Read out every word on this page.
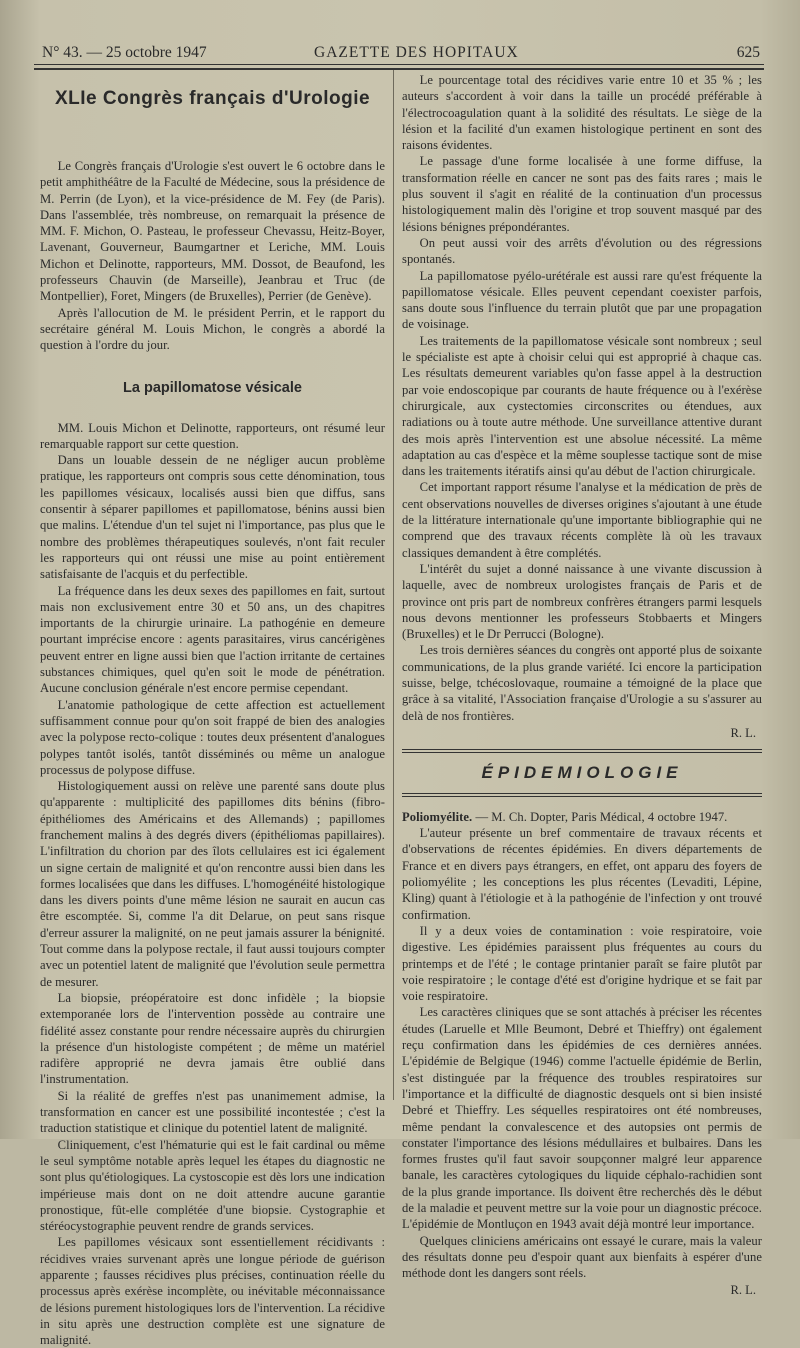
N° 43. — 25 octobre 1947	GAZETTE DES HOPITAUX	625
XLIe Congrès français d'Urologie

Le Congrès français d'Urologie s'est ouvert le 6 octobre dans le petit amphithéâtre de la Faculté de Médecine, sous la présidence de M. Perrin (de Lyon), et la vice-présidence de M. Fey (de Paris). Dans l'assemblée, très nombreuse, on remarquait la présence de MM. F. Michon, O. Pasteau, le professeur Chevassu, Heitz-Boyer, Lavenant, Gouverneur, Baumgartner et Leriche, MM. Louis Michon et Delinotte, rapporteurs, MM. Dossot, de Beaufond, les professeurs Chauvin (de Marseille), Jeanbrau et Truc (de Montpellier), Foret, Mingers (de Bruxelles), Perrier (de Genève).

Après l'allocution de M. le président Perrin, et le rapport du secrétaire général M. Louis Michon, le congrès a abordé la question à l'ordre du jour.

La papillomatose vésicale

MM. Louis Michon et Delinotte, rapporteurs, ont résumé leur remarquable rapport sur cette question.

Dans un louable dessein de ne négliger aucun problème pratique, les rapporteurs ont compris sous cette dénomination, tous les papillomes vésicaux, localisés aussi bien que diffus, sans consentir à séparer papillomes et papillomatose, bénins aussi bien que malins. L'étendue d'un tel sujet ni l'importance, pas plus que le nombre des problèmes thérapeutiques soulevés, n'ont fait reculer les rapporteurs qui ont réussi une mise au point entièrement satisfaisante de l'acquis et du perfectible.

La fréquence dans les deux sexes des papillomes en fait, surtout mais non exclusivement entre 30 et 50 ans, un des chapitres importants de la chirurgie urinaire. La pathogénie en demeure pourtant imprécise encore : agents parasitaires, virus cancérigènes peuvent entrer en ligne aussi bien que l'action irritante de certaines substances chimiques, quel qu'en soit le mode de pénétration. Aucune conclusion générale n'est encore permise cependant.

L'anatomie pathologique de cette affection est actuellement suffisamment connue pour qu'on soit frappé de bien des analogies avec la polypose recto-colique : toutes deux présentent d'analogues polypes tantôt isolés, tantôt disséminés ou même un analogue processus de polypose diffuse.

Histologiquement aussi on relève une parenté sans doute plus qu'apparente : multiplicité des papillomes dits bénins (fibro-épithéliomes des Américains et des Allemands) ; papillomes franchement malins à des degrés divers (épithéliomas papillaires). L'infiltration du chorion par des îlots cellulaires est ici également un signe certain de malignité et qu'on rencontre aussi bien dans les formes localisées que dans les diffuses. L'homogénéité histologique dans les divers points d'une même lésion ne saurait en aucun cas être escomptée. Si, comme l'a dit Delarue, on peut sans risque d'erreur assurer la malignité, on ne peut jamais assurer la bénignité. Tout comme dans la polypose rectale, il faut aussi toujours compter avec un potentiel latent de malignité que l'évolution seule permettra de mesurer.

La biopsie, préopératoire est donc infidèle ; la biopsie extemporanée lors de l'intervention possède au contraire une fidélité assez constante pour rendre nécessaire auprès du chirurgien la présence d'un histologiste compétent ; de même un matériel radifère approprié ne devra jamais être oublié dans l'instrumentation.

Si la réalité de greffes n'est pas unanimement admise, la transformation en cancer est une possibilité incontestée ; c'est la traduction statistique et clinique du potentiel latent de malignité.

Cliniquement, c'est l'hématurie qui est le fait cardinal ou même le seul symptôme notable après lequel les étapes du diagnostic ne sont plus qu'étiologiques. La cystoscopie est dès lors une indication impérieuse mais dont on ne doit attendre aucune garantie pronostique, fût-elle complétée d'une biopsie. Cystographie et stéréocystographie peuvent rendre de grands services.

Les papillomes vésicaux sont essentiellement récidivants : récidives vraies survenant après une longue période de guérison apparente ; fausses récidives plus précises, continuation réelle du processus après exérèse incomplète, ou inévitable méconnaissance de lésions purement histologiques lors de l'intervention. La récidive in situ après une destruction complète est une signature de malignité.

Le pourcentage total des récidives varie entre 10 et 35 % ; les auteurs s'accordent à voir dans la taille un procédé préférable à l'électrocoagulation quant à la solidité des résultats. Le siège de la lésion et la facilité d'un examen histologique pertinent en sont des raisons évidentes.

Le passage d'une forme localisée à une forme diffuse, la transformation réelle en cancer ne sont pas des faits rares ; mais le plus souvent il s'agit en réalité de la continuation d'un processus histologiquement malin dès l'origine et trop souvent masqué par des lésions bénignes prépondérantes.

On peut aussi voir des arrêts d'évolution ou des régressions spontanés.

La papillomatose pyélo-urétérale est aussi rare qu'est fréquente la papillomatose vésicale. Elles peuvent cependant coexister parfois, sans doute sous l'influence du terrain plutôt que par une propagation de voisinage.

Les traitements de la papillomatose vésicale sont nombreux ; seul le spécialiste est apte à choisir celui qui est approprié à chaque cas. Les résultats demeurent variables qu'on fasse appel à la destruction par voie endoscopique par courants de haute fréquence ou à l'exérèse chirurgicale, aux cystectomies circonscrites ou étendues, aux radiations ou à toute autre méthode. Une surveillance attentive durant des mois après l'intervention est une absolue nécessité. La même adaptation au cas d'espèce et la même souplesse tactique sont de mise dans les traitements itératifs ainsi qu'au début de l'action chirurgicale.

Cet important rapport résume l'analyse et la médication de près de cent observations nouvelles de diverses origines s'ajoutant à une étude de la littérature internationale qu'une importante bibliographie qui ne comprend que des travaux récents complète là où les travaux classiques demandent à être complétés.

L'intérêt du sujet a donné naissance à une vivante discussion à laquelle, avec de nombreux urologistes français de Paris et de province ont pris part de nombreux confrères étrangers parmi lesquels nous devons mentionner les professeurs Stobbaerts et Mingers (Bruxelles) et le Dr Perrucci (Bologne).

Les trois dernières séances du congrès ont apporté plus de soixante communications, de la plus grande variété. Ici encore la participation suisse, belge, tchécoslovaque, roumaine a témoigné de la place que grâce à sa vitalité, l'Association française d'Urologie a su s'assurer au delà de nos frontières.

R. L.
ÉPIDEMIOLOGIE

Poliomyélite. — M. Ch. Dopter, Paris Médical, 4 octobre 1947.

L'auteur présente un bref commentaire de travaux récents et d'observations de récentes épidémies. En divers départements de France et en divers pays étrangers, en effet, ont apparu des foyers de poliomyélite ; les conceptions les plus récentes (Levaditi, Lépine, Kling) quant à l'étiologie et à la pathogénie de l'infection y ont trouvé confirmation.

Il y a deux voies de contamination : voie respiratoire, voie digestive. Les épidémies paraissent plus fréquentes au cours du printemps et de l'été ; le contage printanier paraît se faire plutôt par voie respiratoire ; le contage d'été est d'origine hydrique et se fait par voie respiratoire.

Les caractères cliniques que se sont attachés à préciser les récentes études (Laruelle et Mlle Beumont, Debré et Thieffry) ont également reçu confirmation dans les épidémies de ces dernières années. L'épidémie de Belgique (1946) comme l'actuelle épidémie de Berlin, s'est distinguée par la fréquence des troubles respiratoires sur l'importance et la difficulté de diagnostic desquels ont si bien insisté Debré et Thieffry. Les séquelles respiratoires ont été nombreuses, même pendant la convalescence et des autopsies ont permis de constater l'importance des lésions médullaires et bulbaires. Dans les formes frustes qu'il faut savoir soupçonner malgré leur apparence banale, les caractères cytologiques du liquide céphalo-rachidien sont de la plus grande importance. Ils doivent être recherchés dès le début de la maladie et peuvent mettre sur la voie pour un diagnostic précoce. L'épidémie de Montluçon en 1943 avait déjà montré leur importance.

Quelques cliniciens américains ont essayé le curare, mais la valeur des résultats donne peu d'espoir quant aux bienfaits à espérer d'une méthode dont les dangers sont réels.

R. L.
